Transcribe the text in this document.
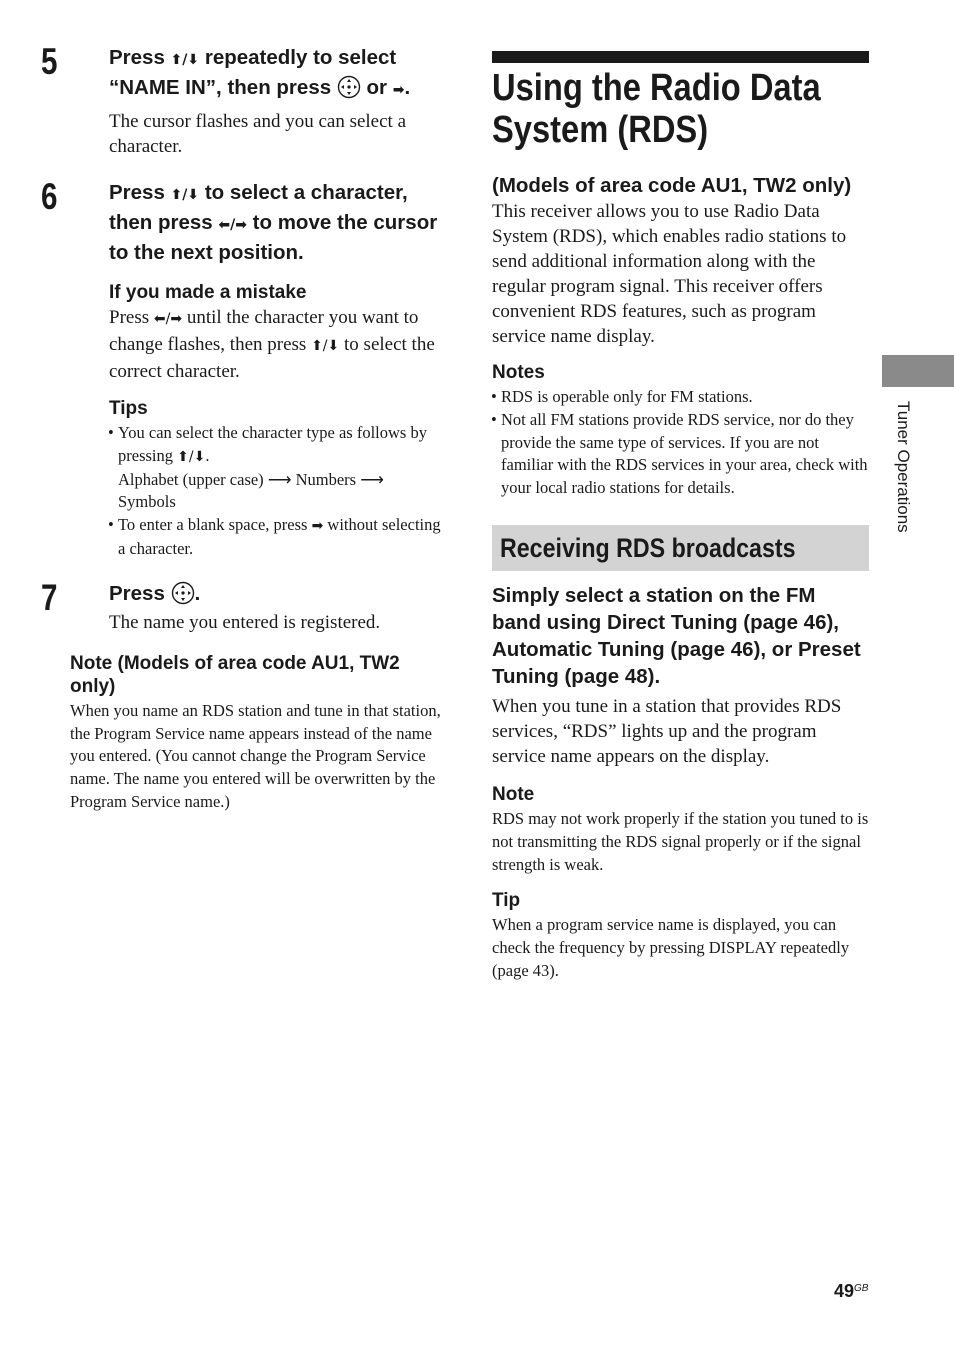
Tuner Operations
5	Press ⬆/⬇ repeatedly to select “NAME IN”, then press  or ➡.

The cursor flashes and you can select a character.

6	Press ⬆/⬇ to select a character, then press ⬅/➡ to move the cursor to the next position.

If you made a mistake

Press ⬅/➡ until the character you want to change flashes, then press ⬆/⬇ to select the correct character.

Tips

• You can select the character type as follows by pressing ⬆/⬇.
Alphabet (upper case) ⟶ Numbers ⟶
Symbols
• To enter a blank space, press ➡ without selecting a character.
7	Press .

The name you entered is registered.

Note (Models of area code AU1, TW2 only)

When you name an RDS station and tune in that station, the Program Service name appears instead of the name you entered. (You cannot change the Program Service name. The name you entered will be overwritten by the Program Service name.)

Using the Radio Data System (RDS)

(Models of area code AU1, TW2 only)

This receiver allows you to use Radio Data System (RDS), which enables radio stations to send additional information along with the regular program signal. This receiver offers convenient RDS features, such as program service name display.

Notes

• RDS is operable only for FM stations.
• Not all FM stations provide RDS service, nor do they provide the same type of services. If you are not familiar with the RDS services in your area, check with your local radio stations for details.
Receiving RDS broadcasts

Simply select a station on the FM band using Direct Tuning (page 46), Automatic Tuning (page 46), or Preset Tuning (page 48).

When you tune in a station that provides RDS services, “RDS” lights up and the program service name appears on the display.

Note

RDS may not work properly if the station you tuned to is not transmitting the RDS signal properly or if the signal strength is weak.

Tip

When a program service name is displayed, you can check the frequency by pressing DISPLAY repeatedly (page 43).

$49^{GB}$
